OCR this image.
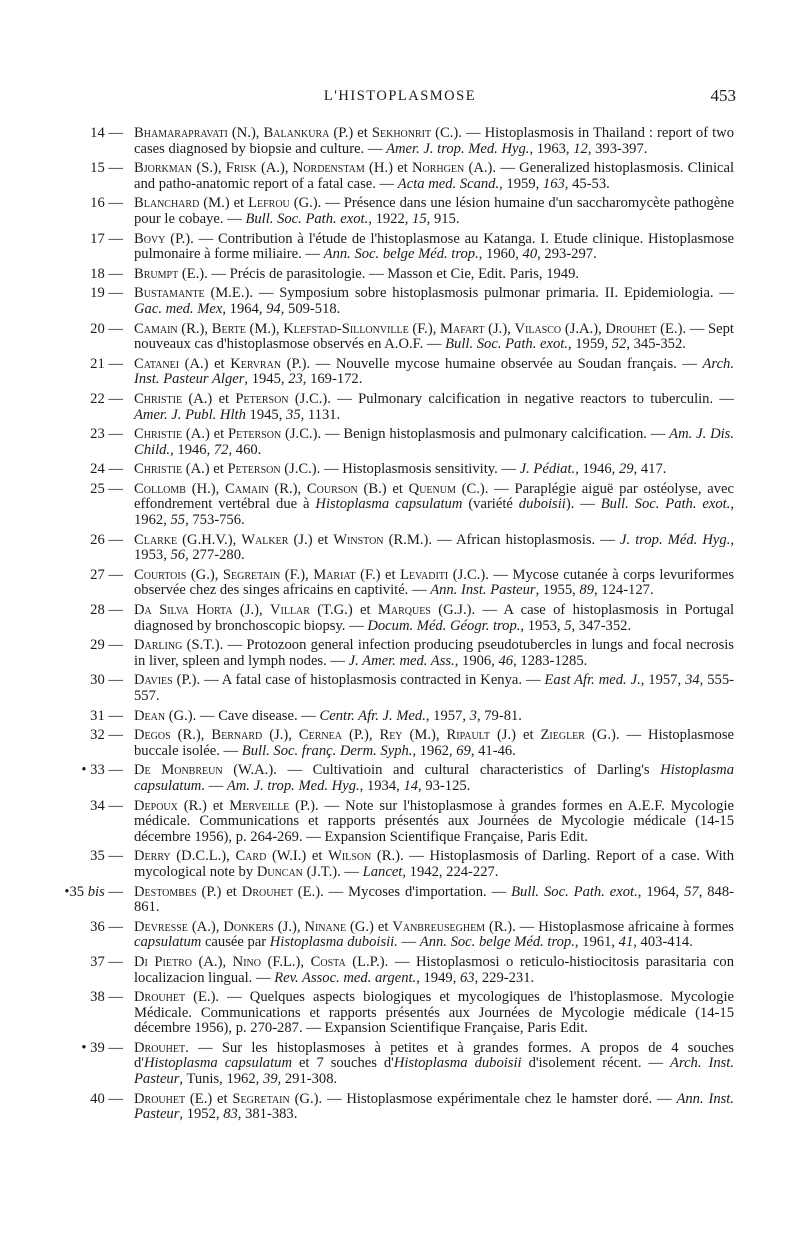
L'HISTOPLASMOSE	453
14 — Bhamarapravati (N.), Balankura (P.) et Sekhonrit (C.). — Histoplasmosis in Thailand : report of two cases diagnosed by biopsie and culture. — Amer. J. trop. Med. Hyg., 1963, 12, 393-397.
15 — Bjorkman (S.), Frisk (A.), Nordenstam (H.) et Norhgen (A.). — Generalized histoplasmosis. Clinical and patho-anatomic report of a fatal case. — Acta med. Scand., 1959, 163, 45-53.
16 — Blanchard (M.) et Lefrou (G.). — Présence dans une lésion humaine d'un saccharomycète pathogène pour le cobaye. — Bull. Soc. Path. exot., 1922, 15, 915.
17 — Bovy (P.). — Contribution à l'étude de l'histoplasmose au Katanga. I. Etude clinique. Histoplasmose pulmonaire à forme miliaire. — Ann. Soc. belge Méd. trop., 1960, 40, 293-297.
18 — Brumpt (E.). — Précis de parasitologie. — Masson et Cie, Edit. Paris, 1949.
19 — Bustamante (M.E.). — Symposium sobre histoplasmosis pulmonar primaria. II. Epidemiologia. — Gac. med. Mex, 1964, 94, 509-518.
20 — Camain (R.), Berte (M.), Klefstad-Sillonville (F.), Mafart (J.), Vilasco (J.A.), Drouhet (E.). — Sept nouveaux cas d'histoplasmose observés en A.O.F. — Bull. Soc. Path. exot., 1959, 52, 345-352.
21 — Catanei (A.) et Kervran (P.). — Nouvelle mycose humaine observée au Soudan français. — Arch. Inst. Pasteur Alger, 1945, 23, 169-172.
22 — Christie (A.) et Peterson (J.C.). — Pulmonary calcification in negative reactors to tuberculin. — Amer. J. Publ. Hlth 1945, 35, 1131.
23 — Christie (A.) et Peterson (J.C.). — Benign histoplasmosis and pulmonary calcification. — Am. J. Dis. Child., 1946, 72, 460.
24 — Christie (A.) et Peterson (J.C.). — Histoplasmosis sensitivity. — J. Pédiat., 1946, 29, 417.
25 — Collomb (H.), Camain (R.), Courson (B.) et Quenum (C.). — Paraplégie aiguë par ostéolyse, avec effondrement vertébral due à Histoplasma capsulatum (variété duboisii). — Bull. Soc. Path. exot., 1962, 55, 753-756.
26 — Clarke (G.H.V.), Walker (J.) et Winston (R.M.). — African histoplasmosis. — J. trop. Méd. Hyg., 1953, 56, 277-280.
27 — Courtois (G.), Segretain (F.), Mariat (F.) et Levaditi (J.C.). — Mycose cutanée à corps levuriformes observée chez des singes africains en captivité. — Ann. Inst. Pasteur, 1955, 89, 124-127.
28 — Da Silva Horta (J.), Villar (T.G.) et Marques (G.J.). — A case of histoplasmosis in Portugal diagnosed by bronchoscopic biopsy. — Docum. Méd. Géogr. trop., 1953, 5, 347-352.
29 — Darling (S.T.). — Protozoon general infection producing pseudotubercles in lungs and focal necrosis in liver, spleen and lymph nodes. — J. Amer. med. Ass., 1906, 46, 1283-1285.
30 — Davies (P.). — A fatal case of histoplasmosis contracted in Kenya. — East Afr. med. J., 1957, 34, 555-557.
31 — Dean (G.). — Cave disease. — Centr. Afr. J. Med., 1957, 3, 79-81.
32 — Degos (R.), Bernard (J.), Cernea (P.), Rey (M.), Ripault (J.) et Ziegler (G.). — Histoplasmose buccale isolée. — Bull. Soc. franç. Derm. Syph., 1962, 69, 41-46.
• 33 — De Monbreun (W.A.). — Cultivatioin and cultural characteristics of Darling's Histoplasma capsulatum. — Am. J. trop. Med. Hyg., 1934, 14, 93-125.
34 — Depoux (R.) et Merveille (P.). — Note sur l'histoplasmose à grandes formes en A.E.F. Mycologie médicale. Communications et rapports présentés aux Journées de Mycologie médicale (14-15 décembre 1956), p. 264-269. — Expansion Scientifique Française, Paris Edit.
35 — Derry (D.C.L.), Card (W.I.) et Wilson (R.). — Histoplasmosis of Darling. Report of a case. With mycological note by Duncan (J.T.). — Lancet, 1942, 224-227.
•35 bis — Destombes (P.) et Drouhet (E.). — Mycoses d'importation. — Bull. Soc. Path. exot., 1964, 57, 848-861.
36 — Devresse (A.), Donkers (J.), Ninane (G.) et Vanbreuseghem (R.). — Histoplasmose africaine à formes capsulatum causée par Histoplasma duboisii. — Ann. Soc. belge Méd. trop., 1961, 41, 403-414.
37 — Di Pietro (A.), Nino (F.L.), Costa (L.P.). — Histoplasmosi o reticulo-histiocitosis parasitaria con localizacion lingual. — Rev. Assoc. med. argent., 1949, 63, 229-231.
38 — Drouhet (E.). — Quelques aspects biologiques et mycologiques de l'histoplasmose. Mycologie Médicale. Communications et rapports présentés aux Journées de Mycologie médicale (14-15 décembre 1956), p. 270-287. — Expansion Scientifique Française, Paris Edit.
• 39 — Drouhet. — Sur les histoplasmoses à petites et à grandes formes. A propos de 4 souches d'Histoplasma capsulatum et 7 souches d'Histoplasma duboisii d'isolement récent. — Arch. Inst. Pasteur, Tunis, 1962, 39, 291-308.
40 — Drouhet (E.) et Segretain (G.). — Histoplasmose expérimentale chez le hamster doré. — Ann. Inst. Pasteur, 1952, 83, 381-383.
